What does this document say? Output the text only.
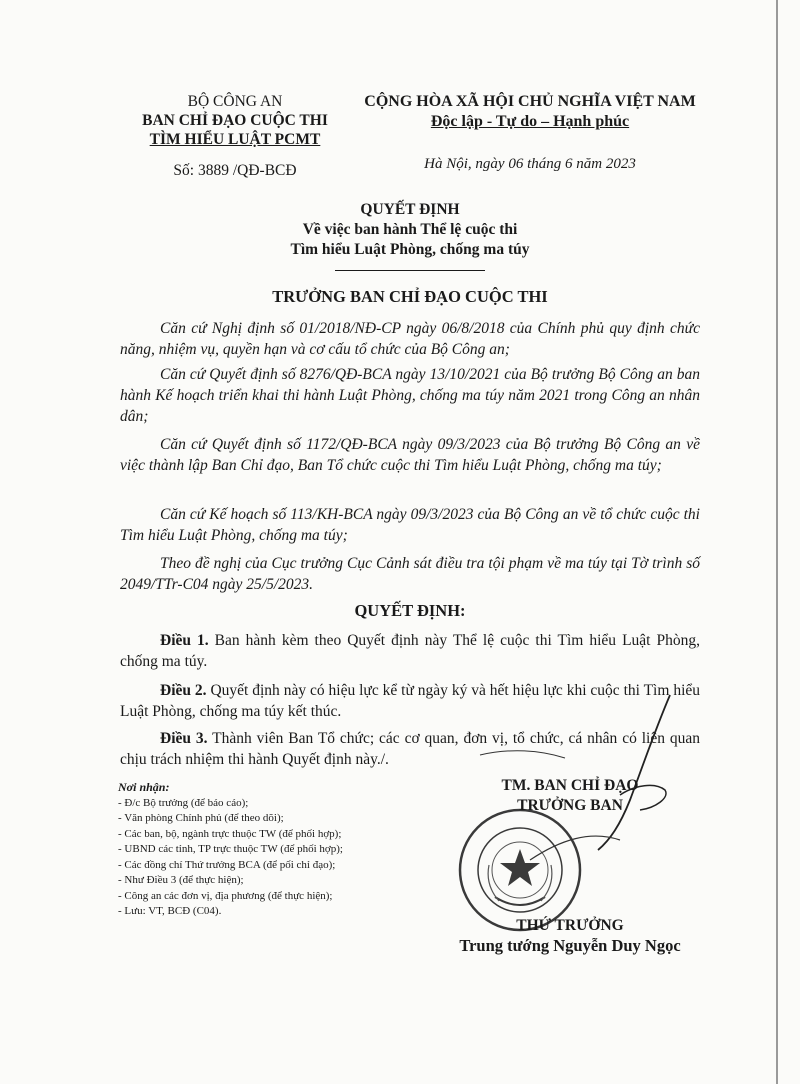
BỘ CÔNG AN
BAN CHỈ ĐẠO CUỘC THI
TÌM HIỂU LUẬT PCMT
Số: 3889 /QĐ-BCĐ
CỘNG HÒA XÃ HỘI CHỦ NGHĨA VIỆT NAM
Độc lập - Tự do – Hạnh phúc
Hà Nội, ngày 06 tháng 6 năm 2023
QUYẾT ĐỊNH
Về việc ban hành Thể lệ cuộc thi
Tìm hiểu Luật Phòng, chống ma túy
TRƯỞNG BAN CHỈ ĐẠO CUỘC THI
Căn cứ Nghị định số 01/2018/NĐ-CP ngày 06/8/2018 của Chính phủ quy định chức năng, nhiệm vụ, quyền hạn và cơ cấu tổ chức của Bộ Công an;
Căn cứ Quyết định số 8276/QĐ-BCA ngày 13/10/2021 của Bộ trưởng Bộ Công an ban hành Kế hoạch triển khai thi hành Luật Phòng, chống ma túy năm 2021 trong Công an nhân dân;
Căn cứ Quyết định số 1172/QĐ-BCA ngày 09/3/2023 của Bộ trưởng Bộ Công an về việc thành lập Ban Chỉ đạo, Ban Tổ chức cuộc thi Tìm hiểu Luật Phòng, chống ma túy;
Căn cứ Kế hoạch số 113/KH-BCA ngày 09/3/2023 của Bộ Công an về tổ chức cuộc thi Tìm hiểu Luật Phòng, chống ma túy;
Theo đề nghị của Cục trưởng Cục Cảnh sát điều tra tội phạm về ma túy tại Tờ trình số 2049/TTr-C04 ngày 25/5/2023.
QUYẾT ĐỊNH:
Điều 1. Ban hành kèm theo Quyết định này Thể lệ cuộc thi Tìm hiểu Luật Phòng, chống ma túy.
Điều 2. Quyết định này có hiệu lực kể từ ngày ký và hết hiệu lực khi cuộc thi Tìm hiểu Luật Phòng, chống ma túy kết thúc.
Điều 3. Thành viên Ban Tổ chức; các cơ quan, đơn vị, tổ chức, cá nhân có liên quan chịu trách nhiệm thi hành Quyết định này./.
Nơi nhận:
- Đ/c Bộ trưởng (để báo cáo);
- Văn phòng Chính phủ (để theo dõi);
- Các ban, bộ, ngành trực thuộc TW (để phối hợp);
- UBND các tỉnh, TP trực thuộc TW (để phối hợp);
- Các đồng chí Thứ trưởng BCA (để pối chỉ đạo);
- Như Điều 3 (để thực hiện);
- Công an các đơn vị, địa phương (để thực hiện);
- Lưu: VT, BCĐ (C04).
TM. BAN CHỈ ĐẠO
TRƯỞNG BAN
THỨ TRƯỞNG
Trung tướng Nguyễn Duy Ngọc
